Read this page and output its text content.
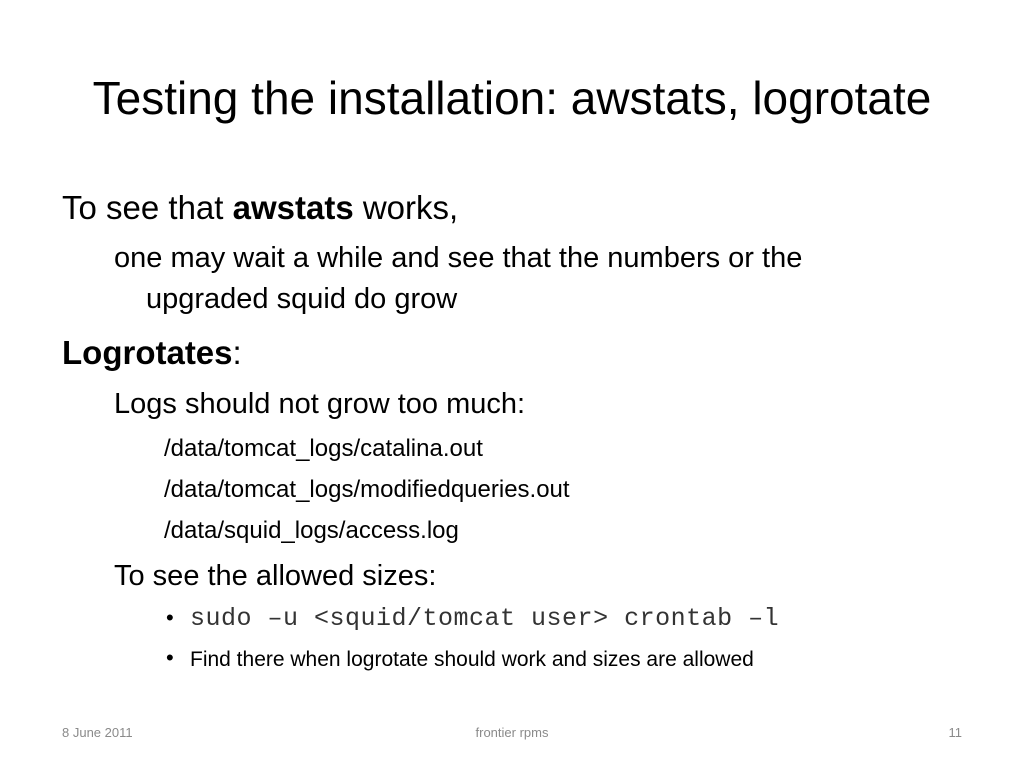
Testing the installation: awstats, logrotate
To see that awstats works,
one may wait a while and see that the numbers or the
upgraded squid do grow
Logrotates:
Logs should not grow too much:
/data/tomcat_logs/catalina.out
/data/tomcat_logs/modifiedqueries.out
/data/squid_logs/access.log
To see the allowed sizes:
• sudo –u <squid/tomcat user> crontab –l
• Find there when logrotate should work and sizes are allowed
8 June 2011	frontier rpms	11
